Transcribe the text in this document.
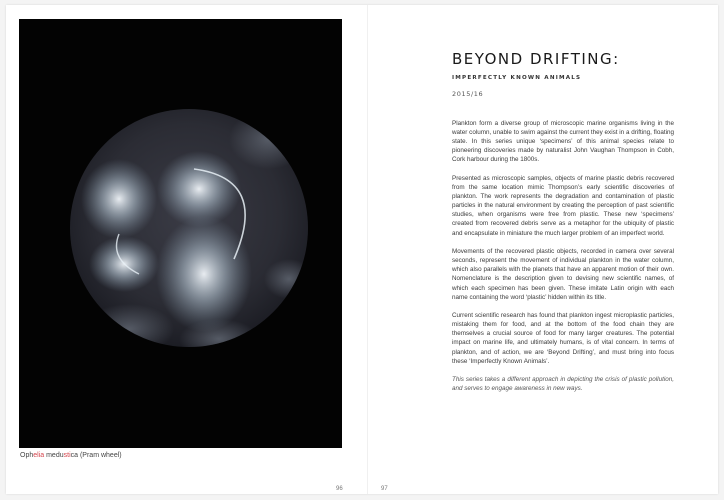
Ophelia medustica (Pram wheel)
96	97
BEYOND DRIFTING:
IMPERFECTLY KNOWN ANIMALS
2015/16

Plankton form a diverse group of microscopic marine organisms living in the water column, unable to swim against the current they exist in a drifting, floating state. In this series unique ‘specimens’ of this animal species relate to pioneering discoveries made by naturalist John Vaughan Thompson in Cobh, Cork harbour during the 1800s.

Presented as microscopic samples, objects of marine plastic debris recovered from the same location mimic Thompson’s early scientific discoveries of plankton. The work represents the degradation and contamination of plastic particles in the natural environment by creating the perception of past scientific studies, when organisms were free from plastic. These new ‘specimens’ created from recovered debris serve as a metaphor for the ubiquity of plastic and encapsulate in miniature the much larger problem of an imperfect world.

Movements of the recovered plastic objects, recorded in camera over several seconds, represent the movement of individual plankton in the water column, which also parallels with the planets that have an apparent motion of their own. Nomenclature is the description given to devising new scientific names, of which each specimen has been given. These imitate Latin origin with each name containing the word ‘plastic’ hidden within its title.

Current scientific research has found that plankton ingest microplastic particles, mistaking them for food, and at the bottom of the food chain they are themselves a crucial source of food for many larger creatures. The potential impact on marine life, and ultimately humans, is of vital concern. In terms of plankton, and of action, we are ‘Beyond Drifting’, and must bring into focus these ‘Imperfectly Known Animals’.

This series takes a different approach in depicting the crisis of plastic pollution, and serves to engage awareness in new ways.
